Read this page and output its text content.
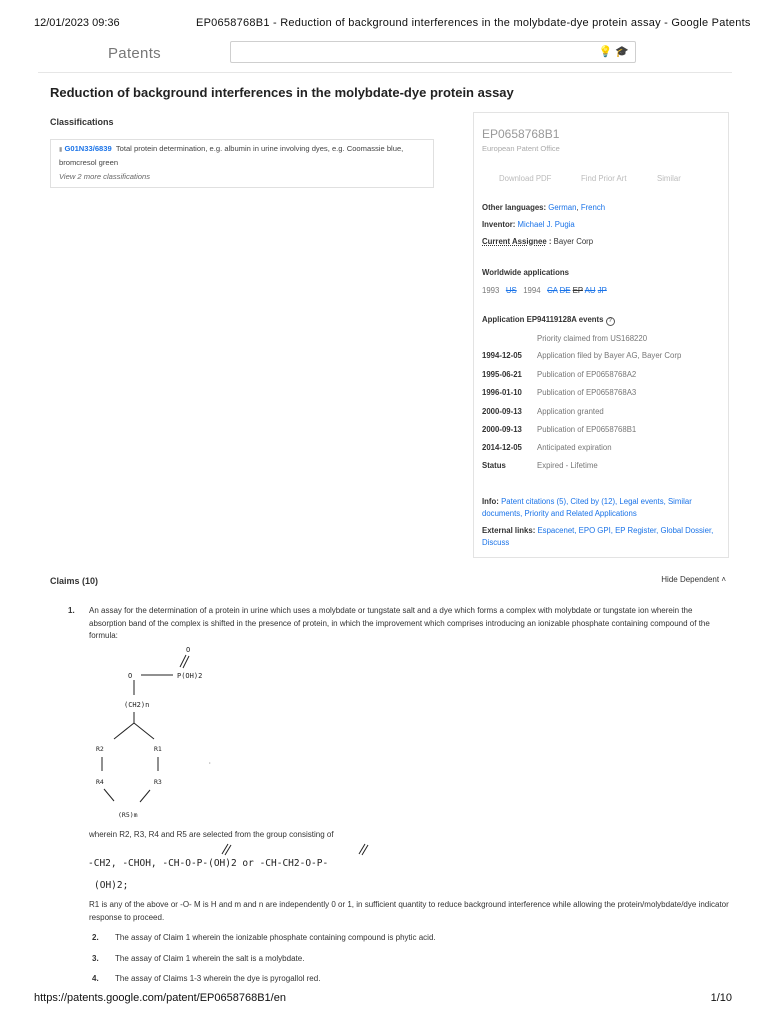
12/01/2023 09:36	EP0658768B1 - Reduction of background interferences in the molybdate-dye protein assay - Google Patents
Patents	💡 🎓
Reduction of background interferences in the molybdate-dye protein assay
Classifications
▮ G01N33/6839 Total protein determination, e.g. albumin in urine involving dyes, e.g. Coomassie blue, bromcresol green
View 2 more classifications
EP0658768B1
European Patent Office
Download PDF	Find Prior Art	Similar
Other languages: German, French
Inventor: Michael J. Pugia
Current Assignee : Bayer Corp
Worldwide applications
1993 US 1994 CA DE EP AU JP
Application EP94119128A events ?
Priority claimed from US168220
1994-12-05 Application filed by Bayer AG, Bayer Corp
1995-06-21 Publication of EP0658768A2
1996-01-10 Publication of EP0658768A3
2000-09-13 Application granted
2000-09-13 Publication of EP0658768B1
2014-12-05 Anticipated expiration
Status	Expired - Lifetime
Info: Patent citations (5), Cited by (12), Legal events, Similar
documents, Priority and Related Applications
External links: Espacenet, EPO GPI, EP Register, Global Dossier,
Discuss
Claims (10)	Hide Dependent ˄
1. An assay for the determination of a protein in urine which uses a molybdate or tungstate salt and a dye which forms a complex with molybdate or tungstate ion wherein the absorption band of the complex is shifted in the presence of protein, in which the improvement which comprises introducing an ionizable phosphate containing compound of the formula:
O
O	P(OH)2
(CH2)n
R2	R1
·
R4	R3
(R5)m
wherein R2, R3, R4 and R5 are selected from the group consisting of
-CH2, -CHOH, -CH-O-P-(OH)2 or -CH-CH2-O-P-
(OH)2;
R1 is any of the above or -O- M is H and m and n are independently 0 or 1, in sufficient quantity to reduce background interference while allowing the protein/molybdate/dye indicator response to proceed.
2. The assay of Claim 1 wherein the ionizable phosphate containing compound is phytic acid.
3. The assay of Claim 1 wherein the salt is a molybdate.
4. The assay of Claims 1-3 wherein the dye is pyrogallol red.
https://patents.google.com/patent/EP0658768B1/en	1/10
